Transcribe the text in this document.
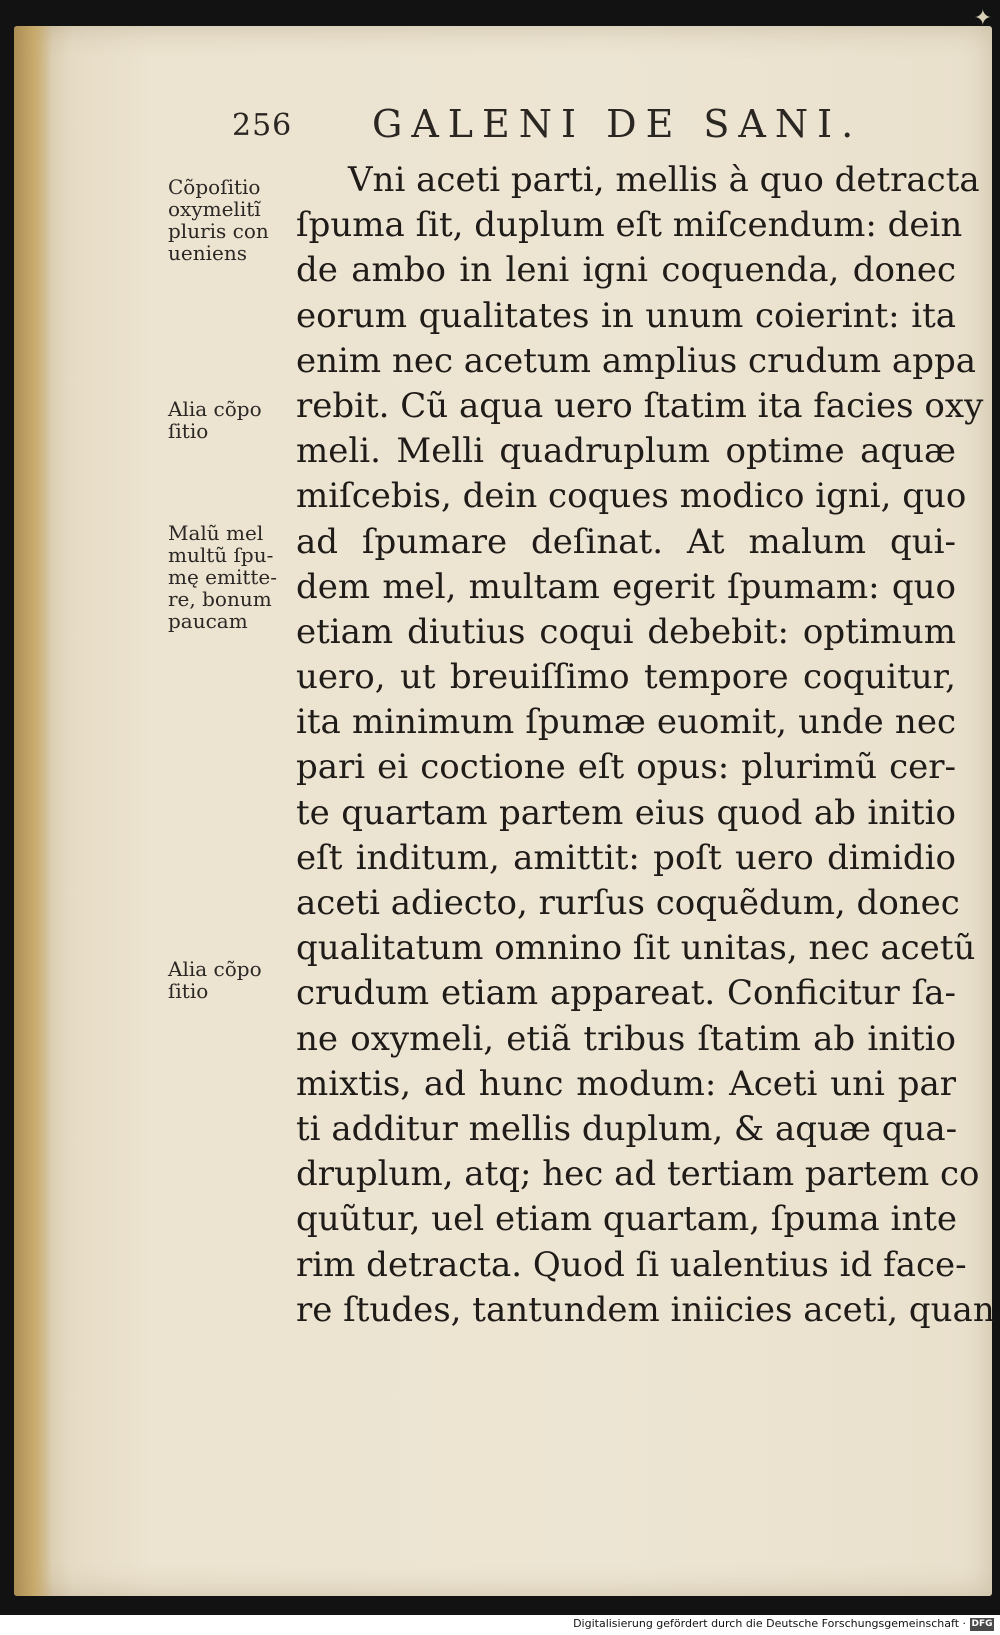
✦
256 GALENI DE SANI.
Cõpoſitio
oxymelitĩ
pluris con
ueniens
Alia cõpo
ſitio
Malũ mel
multũ ſpu-
mę emitte-
re, bonum
paucam
Alia cõpo
ſitio
Vni aceti parti, mellis à quo detracta
ſpuma ſit, duplum eſt miſcendum: dein
de ambo in leni igni coquenda, donec
eorum qualitates in unum coierint: ita
enim nec acetum amplius crudum appa
rebit. Cũ aqua uero ſtatim ita facies oxy
meli. Melli quadruplum optime aquæ
miſcebis, dein coques modico igni, quo
ad ſpumare deſinat. At malum qui-
dem mel, multam egerit ſpumam: quo
etiam diutius coqui debebit: optimum
uero, ut breuiſſimo tempore coquitur,
ita minimum ſpumæ euomit, unde nec
pari ei coctione eſt opus: plurimũ cer-
te quartam partem eius quod ab initio
eſt inditum, amittit: poſt uero dimidio
aceti adiecto, rurſus coquẽdum, donec
qualitatum omnino ſit unitas, nec acetũ
crudum etiam appareat. Conficitur ſa-
ne oxymeli, etiã tribus ſtatim ab initio
mixtis, ad hunc modum: Aceti uni par
ti additur mellis duplum, & aquæ qua-
druplum, atq; hec ad tertiam partem co
quũtur, uel etiam quartam, ſpuma inte
rim detracta. Quod ſi ualentius id face-
re ſtudes, tantundem iniicies aceti, quan
Digitalisierung gefördert durch die Deutsche Forschungsgemeinschaft · DFG
